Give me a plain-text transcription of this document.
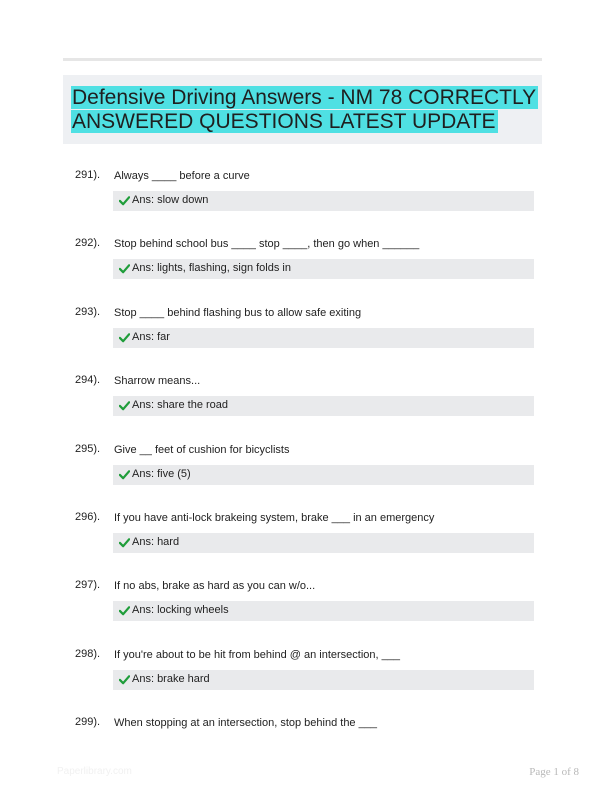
Defensive Driving Answers - NM 78 CORRECTLY
ANSWERED QUESTIONS LATEST UPDATE
291). Always ____ before a curve
Ans: slow down
292). Stop behind school bus ____ stop ____, then go when ______
Ans: lights, flashing, sign folds in
293). Stop ____ behind flashing bus to allow safe exiting
Ans: far
294). Sharrow means...
Ans: share the road
295). Give __ feet of cushion for bicyclists
Ans: five (5)
296). If you have anti-lock brakeing system, brake ___ in an emergency
Ans: hard
297). If no abs, brake as hard as you can w/o...
Ans: locking wheels
298). If you're about to be hit from behind @ an intersection, ___
Ans: brake hard
299). When stopping at an intersection, stop behind the ___
Paperlibrary.com	Page 1 of 8
